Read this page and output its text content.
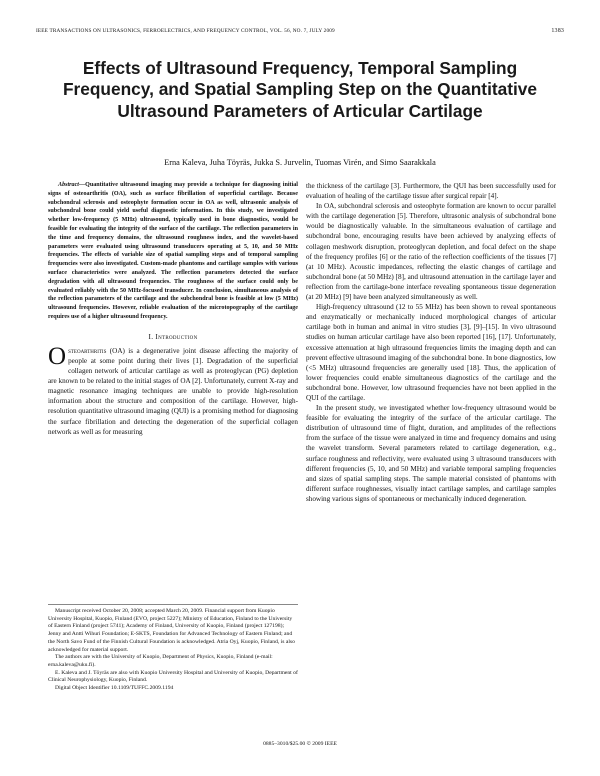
IEEE TRANSACTIONS ON ULTRASONICS, FERROELECTRICS, AND FREQUENCY CONTROL, VOL. 56, NO. 7, JULY 2009	1383
Effects of Ultrasound Frequency, Temporal Sampling Frequency, and Spatial Sampling Step on the Quantitative Ultrasound Parameters of Articular Cartilage
Erna Kaleva, Juha Töyräs, Jukka S. Jurvelin, Tuomas Virén, and Simo Saarakkala
Abstract—Quantitative ultrasound imaging may provide a technique for diagnosing initial signs of osteoarthritis (OA), such as surface fibrillation of superficial cartilage. Because subchondral sclerosis and osteophyte formation occur in OA as well, ultrasonic analysis of subchondral bone could yield useful diagnostic information. In this study, we investigated whether low-frequency (5 MHz) ultrasound, typically used in bone diagnostics, would be feasible for evaluating the integrity of the surface of the cartilage. The reflection parameters in the time and frequency domains, the ultrasound roughness index, and the wavelet-based parameters were evaluated using ultrasound transducers operating at 5, 10, and 50 MHz frequencies. The effects of variable size of spatial sampling steps and of temporal sampling frequencies were also investigated. Custom-made phantoms and cartilage samples with various surface characteristics were analyzed. The reflection parameters detected the surface degradation with all ultrasound frequencies. The roughness of the surface could only be evaluated reliably with the 50 MHz-focused transducer. In conclusion, simultaneous analysis of the reflection parameters of the cartilage and the subchondral bone is feasible at low (5 MHz) ultrasound frequencies. However, reliable evaluation of the microtopography of the cartilage requires use of a higher ultrasound frequency.
I. Introduction
Osteoarthritis (OA) is a degenerative joint disease affecting the majority of people at some point during their lives [1]. Degradation of the superficial collagen network of articular cartilage as well as proteoglycan (PG) depletion are known to be related to the initial stages of OA [2]. Unfortunately, current X-ray and magnetic resonance imaging techniques are unable to provide high-resolution information about the structure and composition of the cartilage. However, high-resolution quantitative ultrasound imaging (QUI) is a promising method for diagnosing the surface fibrillation and detecting the degeneration of the superficial collagen network as well as for measuring

the thickness of the cartilage [3]. Furthermore, the QUI has been successfully used for evaluation of healing of the cartilage tissue after surgical repair [4].

In OA, subchondral sclerosis and osteophyte formation are known to occur parallel with the cartilage degeneration [5]. Therefore, ultrasonic analysis of subchondral bone would be diagnostically valuable. In the simultaneous evaluation of cartilage and subchondral bone, encouraging results have been achieved by analyzing effects of collagen meshwork disruption, proteoglycan depletion, and focal defect on the shape of the frequency profiles [6] or the ratio of the reflection coefficients of the tissues [7] (at 10 MHz). Acoustic impedances, reflecting the elastic changes of cartilage and subchondral bone (at 50 MHz) [8], and ultrasound attenuation in the cartilage layer and reflection from the cartilage-bone interface revealing spontaneous tissue degeneration (at 20 MHz) [9] have been analyzed simultaneously as well.

High-frequency ultrasound (12 to 55 MHz) has been shown to reveal spontaneous and enzymatically or mechanically induced morphological changes of articular cartilage both in human and animal in vitro studies [3], [9]–[15]. In vivo ultrasound studies on human articular cartilage have also been reported [16], [17]. Unfortunately, excessive attenuation at high ultrasound frequencies limits the imaging depth and can prevent effective ultrasound imaging of the subchondral bone. In bone diagnostics, low (<5 MHz) ultrasound frequencies are generally used [18]. Thus, the application of lower frequencies could enable simultaneous diagnostics of the cartilage and the subchondral bone. However, low ultrasound frequencies have not been applied in the QUI of the cartilage.

In the present study, we investigated whether low-frequency ultrasound would be feasible for evaluating the integrity of the surface of the articular cartilage. The distribution of ultrasound time of flight, duration, and amplitudes of the reflections from the surface of the tissue were analyzed in time and frequency domains and using the wavelet transform. Several parameters related to cartilage degeneration, e.g., surface roughness and reflectivity, were evaluated using 3 ultrasound transducers with different frequencies (5, 10, and 50 MHz) and variable temporal sampling frequencies and sizes of spatial sampling steps. The sample material consisted of phantoms with different surface roughnesses, visually intact cartilage samples, and cartilage samples showing various signs of spontaneous or mechanically induced degeneration.

Manuscript received October 20, 2008; accepted March 20, 2009. Financial support from Kuopio University Hospital, Kuopio, Finland (EVO, project 5227); Ministry of Education, Finland to the University of Eastern Finland (project 5741); Academy of Finland, University of Kuopio, Finland (project 127198); Jenny and Antti Wihuri Foundation; E-SKTS, Foundation for Advanced Technology of Eastern Finland; and the North Savo Fund of the Finnish Cultural Foundation is acknowledged. Atria Oyj, Kuopio, Finland, is also acknowledged for material support.

The authors are with the University of Kuopio, Department of Physics, Kuopio, Finland (e-mail: erna.kaleva@uku.fi).

E. Kaleva and J. Töyräs are also with Kuopio University Hospital and University of Kuopio, Department of Clinical Neurophysiology, Kuopio, Finland.

Digital Object Identifier 10.1109/TUFFC.2009.1194

0885–3010/$25.00 © 2009 IEEE
